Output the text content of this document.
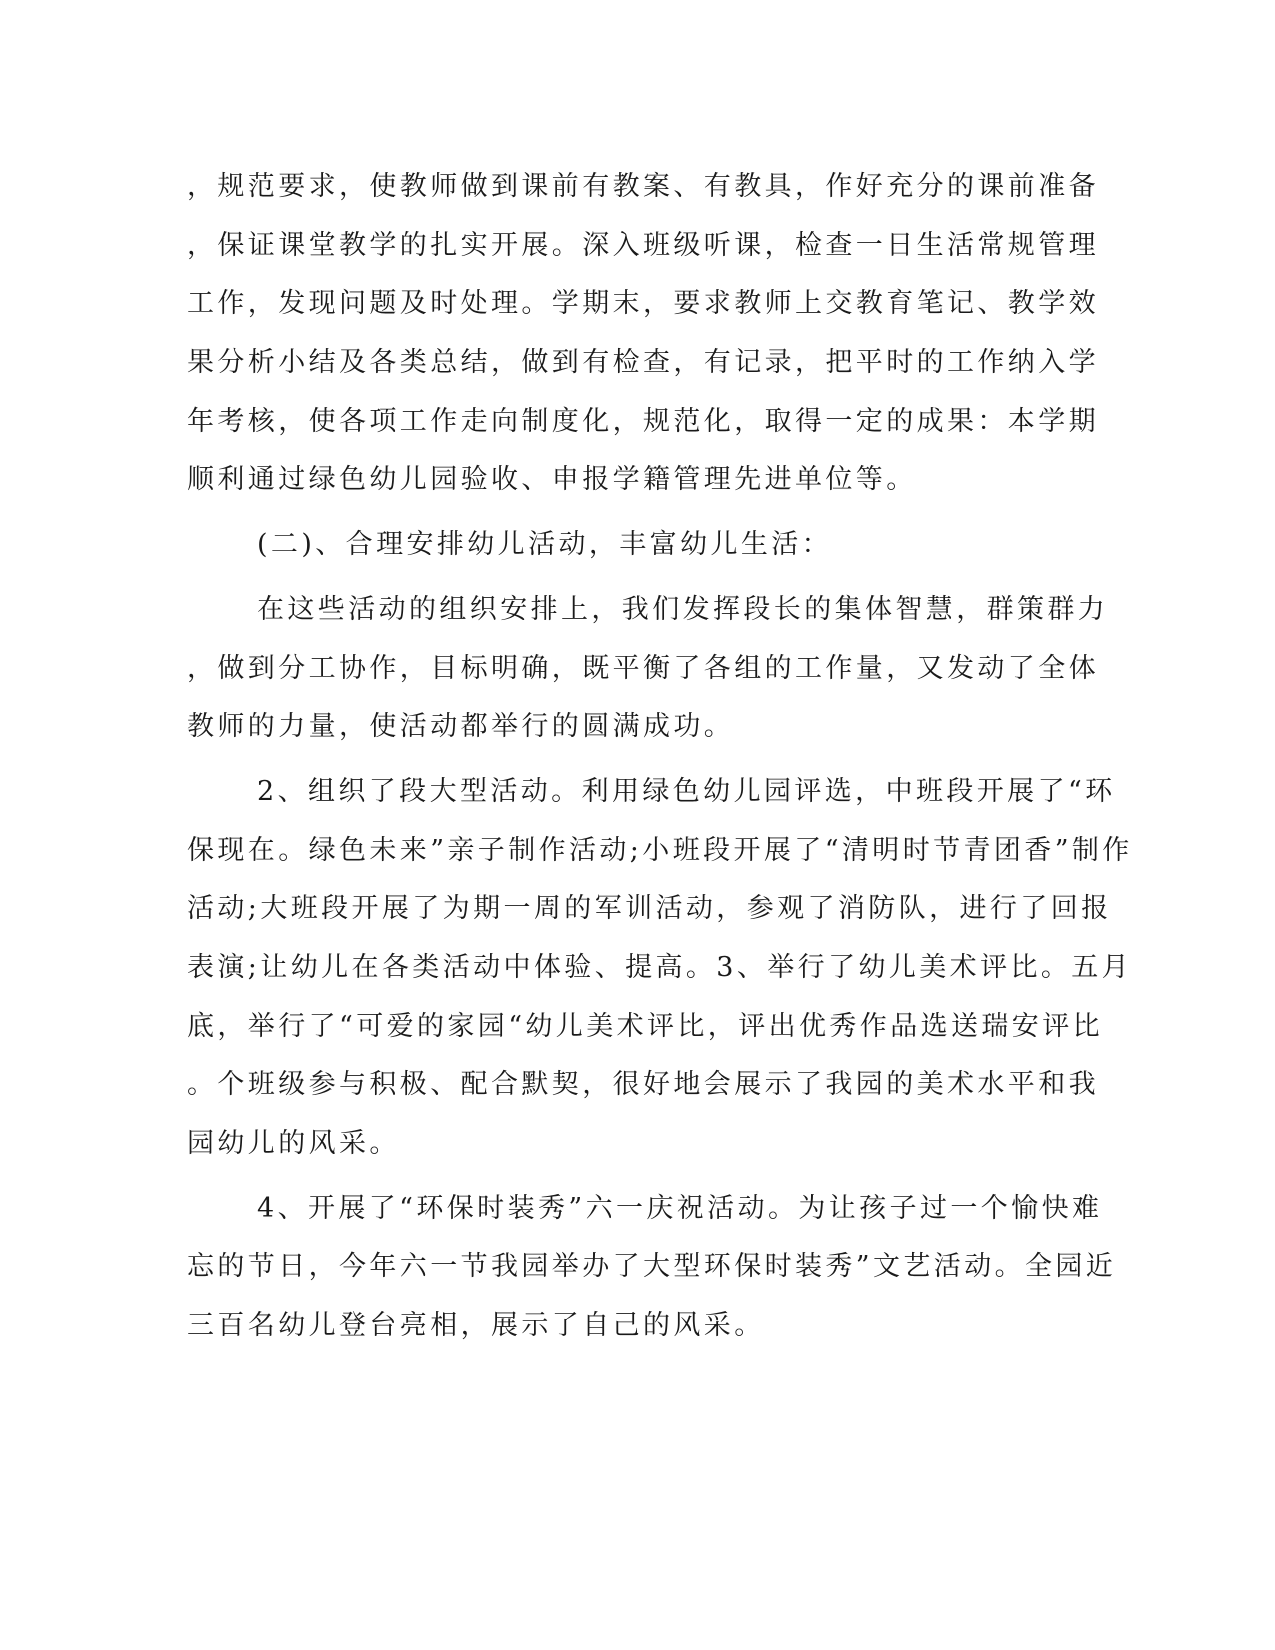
，规范要求，使教师做到课前有教案、有教具，作好充分的课前准备
，保证课堂教学的扎实开展。深入班级听课，检查一日生活常规管理
工作，发现问题及时处理。学期末，要求教师上交教育笔记、教学效
果分析小结及各类总结，做到有检查，有记录，把平时的工作纳入学
年考核，使各项工作走向制度化，规范化，取得一定的成果：本学期
顺利通过绿色幼儿园验收、申报学籍管理先进单位等。
(二)、合理安排幼儿活动，丰富幼儿生活：
在这些活动的组织安排上，我们发挥段长的集体智慧，群策群力
，做到分工协作，目标明确，既平衡了各组的工作量，又发动了全体
教师的力量，使活动都举行的圆满成功。
2、组织了段大型活动。利用绿色幼儿园评选，中班段开展了“环
保现在。绿色未来”亲子制作活动;小班段开展了“清明时节青团香”制作
活动;大班段开展了为期一周的军训活动，参观了消防队，进行了回报
表演;让幼儿在各类活动中体验、提高。3、举行了幼儿美术评比。五月
底，举行了“可爱的家园“幼儿美术评比，评出优秀作品选送瑞安评比
。个班级参与积极、配合默契，很好地会展示了我园的美术水平和我
园幼儿的风采。
4、开展了“环保时装秀”六一庆祝活动。为让孩子过一个愉快难
忘的节日，今年六一节我园举办了大型环保时装秀”文艺活动。全园近
三百名幼儿登台亮相，展示了自己的风采。
